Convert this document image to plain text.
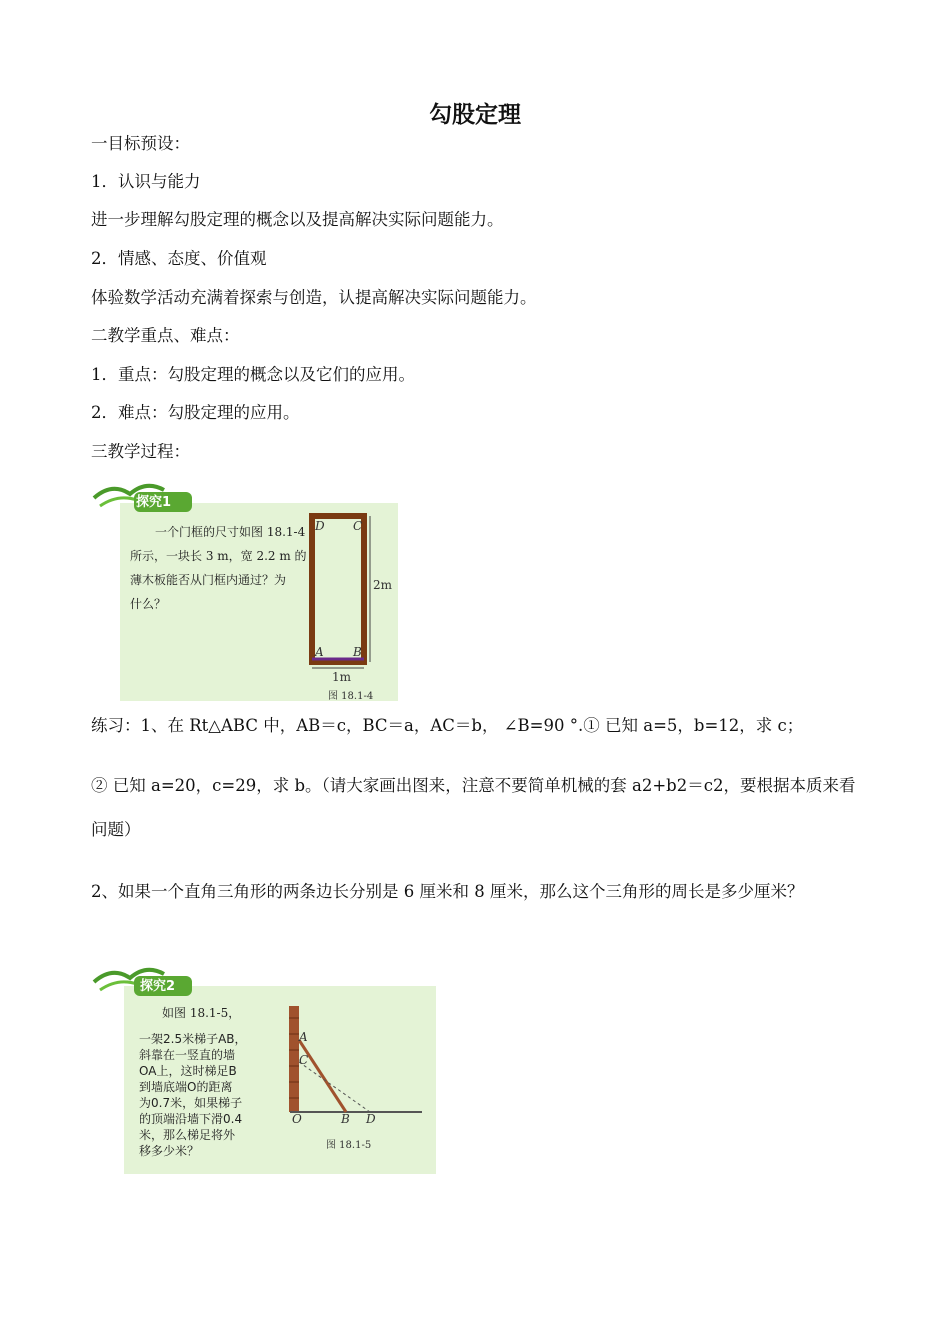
勾股定理
一目标预设：
1．认识与能力
进一步理解勾股定理的概念以及提高解决实际问题能力。
2．情感、态度、价值观
体验数学活动充满着探索与创造，认提高解决实际问题能力。
二教学重点、难点：
1．重点：勾股定理的概念以及它们的应用。
2．难点：勾股定理的应用。
三教学过程：
探究1
一个门框的尺寸如图 18.1-4
所示，一块长 3 m，宽 2.2 m 的
薄木板能否从门框内通过？为
什么？
D C
A B
2m
1m
图 18.1-4
练习：1、在 Rt△ABC 中，AB＝c，BC＝a，AC＝b， ∠B=90 °.① 已知 a=5，b=12，求 c；
② 已知 a=20，c=29，求 b。（请大家画出图来，注意不要简单机械的套 a2+b2＝c2，要根据本质来看问题）
2、如果一个直角三角形的两条边长分别是 6 厘米和 8 厘米，那么这个三角形的周长是多少厘米？
探究2
如图 18.1-5，
一架2.5米梯子AB，
斜靠在一竖直的墙
OA上，这时梯足B
到墙底端O的距离
为0.7米，如果梯子
的顶端沿墙下滑0.4
米，那么梯足将外
移多少米？
A
C
O	B D
图 18.1-5
